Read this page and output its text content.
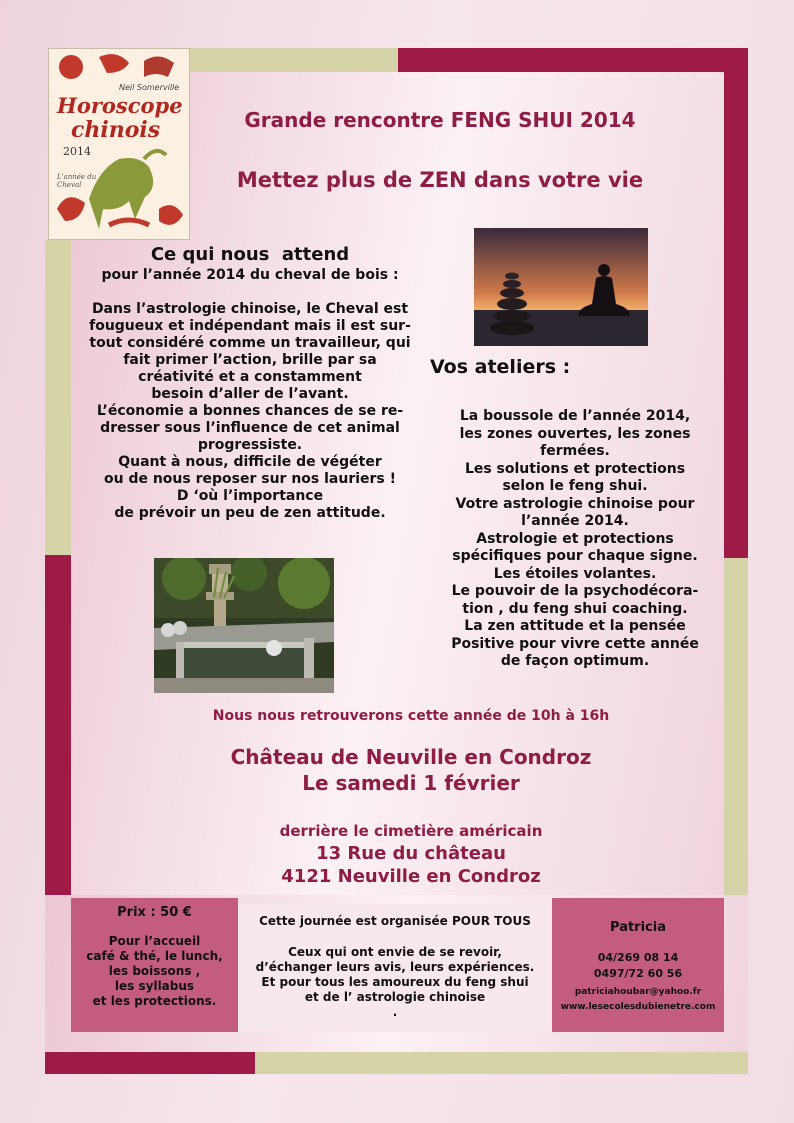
Neil Somerville
Horoscope
chinois
2014
L'année du Cheval
Grande rencontre FENG SHUI 2014
Mettez plus de ZEN dans votre vie
Ce qui nous  attend
pour l’année 2014 du cheval de bois :

Dans l’astrologie chinoise, le Cheval est

fougueux et indépendant mais il est sur-

tout considéré comme un travailleur, qui

fait primer l’action, brille par sa

créativité et a constamment

besoin d’aller de l’avant.

L’économie a bonnes chances de se re-

dresser sous l’influence de cet animal

progressiste.

Quant à nous, difficile de végéter

ou de nous reposer sur nos lauriers !

D ‘où l’importance

de prévoir un peu de zen attitude.

Vos ateliers :

La boussole de l’année 2014,

les zones ouvertes, les zones

fermées.

Les solutions et protections

selon le feng shui.

Votre astrologie chinoise pour

l’année 2014.

Astrologie et protections

spécifiques pour chaque signe.

Les étoiles volantes.

Le pouvoir de la psychodécora-

tion , du feng shui coaching.

La zen attitude et la pensée

Positive pour vivre cette année

de façon optimum.

Nous nous retrouverons cette année de 10h à 16h
Château de Neuville en Condroz
Le samedi 1 février
derrière le cimetière américain
13 Rue du château
4121 Neuville en Condroz
Prix : 50 €

Pour l’accueil

café & thé, le lunch,

les boissons ,

les syllabus

et les protections.

Cette journée est organisée POUR TOUS

Ceux qui ont envie de se revoir,

d’échanger leurs avis, leurs expériences.

Et pour tous les amoureux du feng shui

et de l’ astrologie chinoise

.

Patricia
04/269 08 14
0497/72 60 56
patriciahoubar@yahoo.fr
www.lesecolesdubienetre.com
